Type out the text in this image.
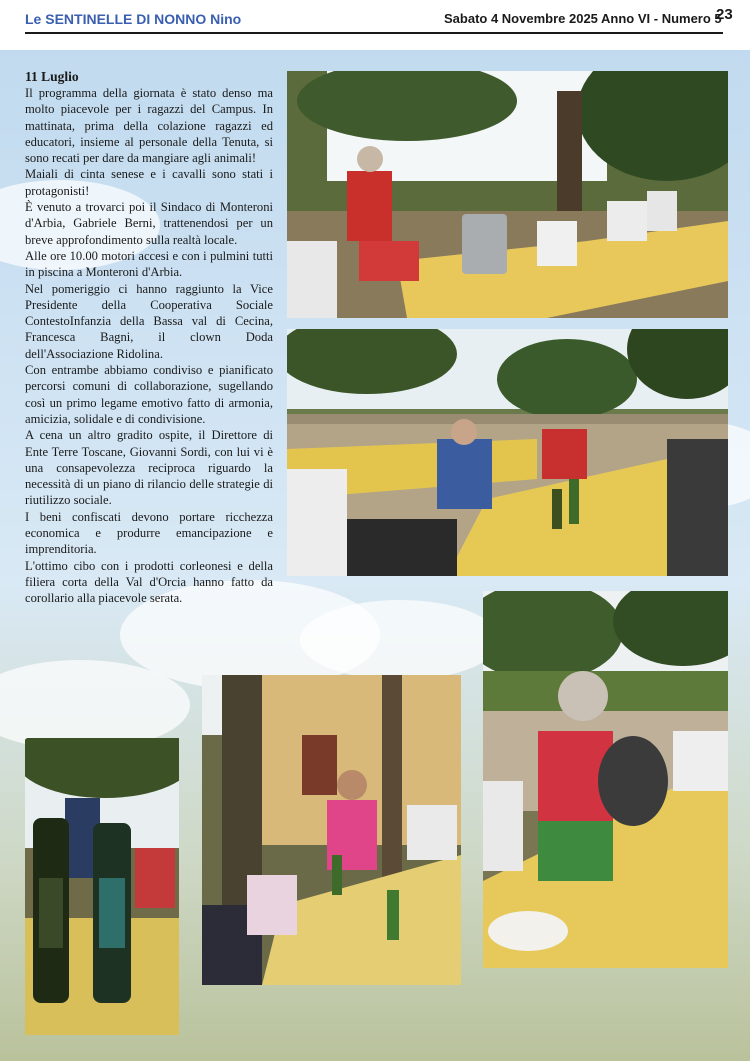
Le SENTINELLE DI NONNO Nino	Sabato 4 Novembre 2025 Anno VI - Numero 5
23
11 Luglio

Il programma della giornata è stato denso ma molto piacevole per i ragazzi del Campus. In mattinata, prima della colazione ragazzi ed educatori, insieme al personale della Tenuta, si sono recati per dare da mangiare agli animali!

Maiali di cinta senese e i cavalli sono stati i protagonisti!

È venuto a trovarci poi il Sindaco di Monteroni d'Arbia, Gabriele Berni, trattenendosi per un breve approfondimento sulla realtà locale.

Alle ore 10.00 motori accesi e con i pulmini tutti in piscina a Monteroni d'Arbia.

Nel pomeriggio ci hanno raggiunto la Vice Presidente della Cooperativa Sociale ContestoInfanzia della Bassa val di Cecina, Francesca Bagni, il clown Doda dell'Associazione Ridolina.

Con entrambe abbiamo condiviso e pianificato percorsi comuni di collaborazione, sugellando così un primo legame emotivo fatto di armonia, amicizia, solidale e di condivisione.

A cena un altro gradito ospite, il Direttore di Ente Terre Toscane, Giovanni Sordi, con lui vi è una consapevolezza reciproca riguardo la necessità di un piano di rilancio delle strategie di riutilizzo sociale.

I beni confiscati devono portare ricchezza economica e produrre emancipazione e imprenditoria.

L'ottimo cibo con i prodotti corleonesi e della filiera corta della Val d'Orcia hanno fatto da corollario alla piacevole serata.
